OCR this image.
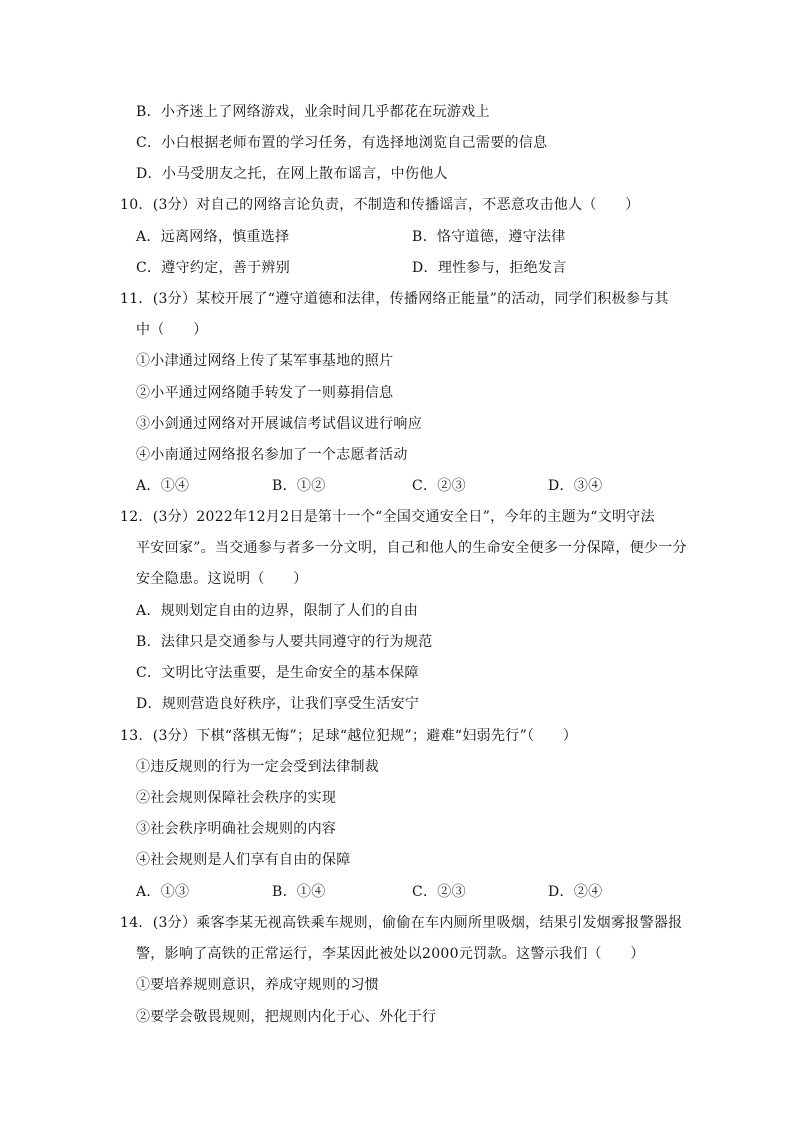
B．小齐迷上了网络游戏，业余时间几乎都花在玩游戏上
C．小白根据老师布置的学习任务，有选择地浏览自己需要的信息
D．小马受朋友之托，在网上散布谣言，中伤他人
10．(3分）对自己的网络言论负责，不制造和传播谣言，不恶意攻击他人（　　）
A．远离网络，慎重选择	B．恪守道德，遵守法律
C．遵守约定，善于辨别	D．理性参与，拒绝发言
11．(3分）某校开展了“遵守道德和法律，传播网络正能量”的活动，同学们积极参与其
中（　　）
①小津通过网络上传了某军事基地的照片
②小平通过网络随手转发了一则募捐信息
③小剑通过网络对开展诚信考试倡议进行响应
④小南通过网络报名参加了一个志愿者活动
A．①④	B．①②	C．②③	D．③④
12．(3分）2022年12月2日是第十一个“全国交通安全日”，今年的主题为“文明守法
平安回家”。当交通参与者多一分文明，自己和他人的生命安全便多一分保障，便少一分
安全隐患。这说明（　　）
A．规则划定自由的边界，限制了人们的自由
B．法律只是交通参与人要共同遵守的行为规范
C．文明比守法重要，是生命安全的基本保障
D．规则营造良好秩序，让我们享受生活安宁
13．(3分）下棋“落棋无悔”；足球“越位犯规”；避难“妇弱先行”（　　）
①违反规则的行为一定会受到法律制裁
②社会规则保障社会秩序的实现
③社会秩序明确社会规则的内容
④社会规则是人们享有自由的保障
A．①③	B．①④	C．②③	D．②④
14．(3分）乘客李某无视高铁乘车规则，偷偷在车内厕所里吸烟，结果引发烟雾报警器报
警，影响了高铁的正常运行，李某因此被处以2000元罚款。这警示我们（　　）
①要培养规则意识，养成守规则的习惯
②要学会敬畏规则，把规则内化于心、外化于行
